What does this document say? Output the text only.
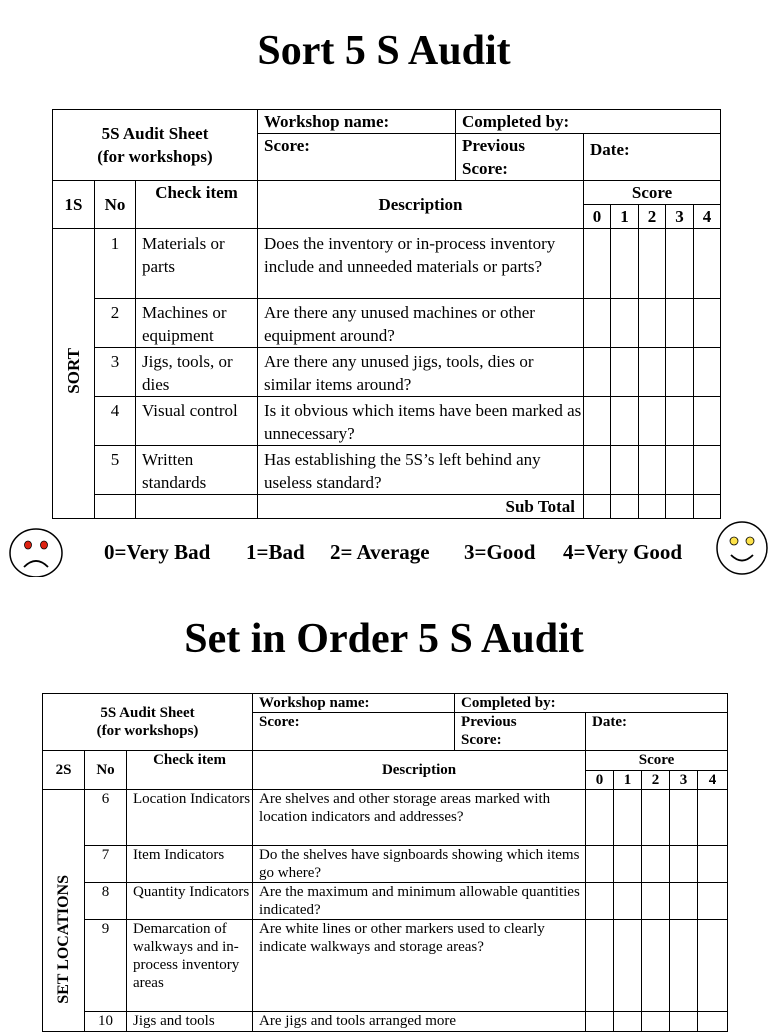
Sort 5 S Audit
5S Audit Sheet
(for workshops)			Workshop name:	Completed by:					
			Score:	Previous
Score:	Date:				
1S	No	Check item	Description		Score				
					0	1	2	3	4
SORT	1	Materials or parts	Does the inventory or in-process inventory include and unneeded materials or parts?						
	2	Machines or equipment	Are there any unused machines or other equipment around?						
	3	Jigs, tools, or dies	Are there any unused jigs, tools, dies or similar items around?						
	4	Visual control	Is it obvious which items have been marked as unnecessary?						
	5	Written standards	Has establishing the 5S’s left behind any useless standard?						
			Sub Total						
0=Very Bad 1=Bad 2= Average 3=Good 4=Very Good
Set in Order 5 S Audit
5S Audit Sheet
(for workshops)			Workshop name:	Completed by:					
			Score:	Previous
Score:	Date:				
2S	No	Check item	Description		Score				
					0	1	2	3	4
SET LOCATIONS	6	Location Indicators	Are shelves and other storage areas marked with location indicators and addresses?						
	7	Item Indicators	Do the shelves have signboards showing which items go where?						
	8	Quantity Indicators	Are the maximum and minimum allowable quantities indicated?						
	9	Demarcation of walkways and in-process inventory areas	Are white lines or other markers used to clearly indicate walkways and storage areas?						
	10	Jigs and tools	Are jigs and tools arranged more						
